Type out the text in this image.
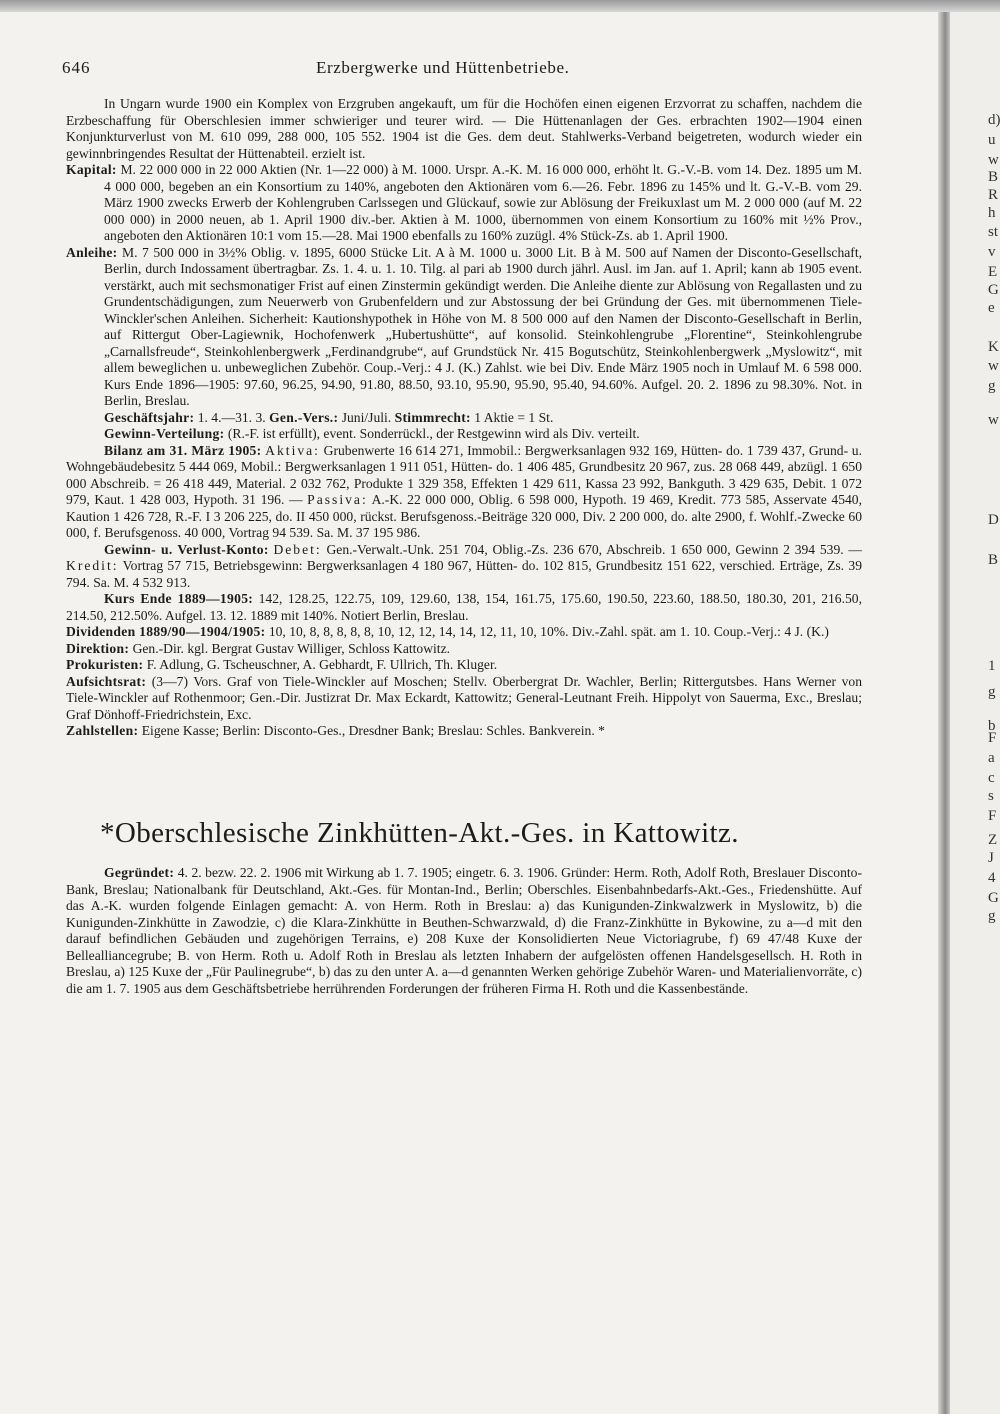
d)
u
w
B
R
h
st
v
E
G
e
K
w
g
w
D
B
1
g
b
F
a
c
s
F
Z
J
4
G
g
646	Erzbergwerke und Hüttenbetriebe.

In Ungarn wurde 1900 ein Komplex von Erzgruben angekauft, um für die Hochöfen einen eigenen Erzvorrat zu schaffen, nachdem die Erzbeschaffung für Oberschlesien immer schwieriger und teurer wird. — Die Hüttenanlagen der Ges. erbrachten 1902—1904 einen Konjunkturverlust von M. 610 099, 288 000, 105 552. 1904 ist die Ges. dem deut. Stahlwerks-Verband beigetreten, wodurch wieder ein gewinnbringendes Resultat der Hüttenabteil. erzielt ist.

Kapital: M. 22 000 000 in 22 000 Aktien (Nr. 1—22 000) à M. 1000. Urspr. A.-K. M. 16 000 000, erhöht lt. G.-V.-B. vom 14. Dez. 1895 um M. 4 000 000, begeben an ein Konsortium zu 140%, angeboten den Aktionären vom 6.—26. Febr. 1896 zu 145% und lt. G.-V.-B. vom 29. März 1900 zwecks Erwerb der Kohlengruben Carlssegen und Glückauf, sowie zur Ablösung der Freikuxlast um M. 2 000 000 (auf M. 22 000 000) in 2000 neuen, ab 1. April 1900 div.-ber. Aktien à M. 1000, übernommen von einem Konsortium zu 160% mit ½% Prov., angeboten den Aktionären 10:1 vom 15.—28. Mai 1900 ebenfalls zu 160% zuzügl. 4% Stück-Zs. ab 1. April 1900.

Anleihe: M. 7 500 000 in 3½% Oblig. v. 1895, 6000 Stücke Lit. A à M. 1000 u. 3000 Lit. B à M. 500 auf Namen der Disconto-Gesellschaft, Berlin, durch Indossament übertragbar. Zs. 1. 4. u. 1. 10. Tilg. al pari ab 1900 durch jährl. Ausl. im Jan. auf 1. April; kann ab 1905 event. verstärkt, auch mit sechsmonatiger Frist auf einen Zinstermin gekündigt werden. Die Anleihe diente zur Ablösung von Regallasten und zu Grundentschädigungen, zum Neuerwerb von Grubenfeldern und zur Abstossung der bei Gründung der Ges. mit übernommenen Tiele-Winckler'schen Anleihen. Sicherheit: Kautionshypothek in Höhe von M. 8 500 000 auf den Namen der Disconto-Gesellschaft in Berlin, auf Rittergut Ober-Lagiewnik, Hochofenwerk „Hubertushütte“, auf konsolid. Steinkohlengrube „Florentine“, Steinkohlengrube „Carnallsfreude“, Steinkohlenbergwerk „Ferdinandgrube“, auf Grundstück Nr. 415 Bogutschütz, Steinkohlenbergwerk „Myslowitz“, mit allem beweglichen u. unbeweglichen Zubehör. Coup.-Verj.: 4 J. (K.) Zahlst. wie bei Div. Ende März 1905 noch in Umlauf M. 6 598 000. Kurs Ende 1896—1905: 97.60, 96.25, 94.90, 91.80, 88.50, 93.10, 95.90, 95.90, 95.40, 94.60%. Aufgel. 20. 2. 1896 zu 98.30%. Not. in Berlin, Breslau.

Geschäftsjahr: 1. 4.—31. 3. Gen.-Vers.: Juni/Juli. Stimmrecht: 1 Aktie = 1 St.

Gewinn-Verteilung: (R.-F. ist erfüllt), event. Sonderrückl., der Restgewinn wird als Div. verteilt.

Bilanz am 31. März 1905: Aktiva: Grubenwerte 16 614 271, Immobil.: Bergwerksanlagen 932 169, Hütten- do. 1 739 437, Grund- u. Wohngebäudebesitz 5 444 069, Mobil.: Bergwerksanlagen 1 911 051, Hütten- do. 1 406 485, Grundbesitz 20 967, zus. 28 068 449, abzügl. 1 650 000 Abschreib. = 26 418 449, Material. 2 032 762, Produkte 1 329 358, Effekten 1 429 611, Kassa 23 992, Bankguth. 3 429 635, Debit. 1 072 979, Kaut. 1 428 003, Hypoth. 31 196. — Passiva: A.-K. 22 000 000, Oblig. 6 598 000, Hypoth. 19 469, Kredit. 773 585, Asservate 4540, Kaution 1 426 728, R.-F. I 3 206 225, do. II 450 000, rückst. Berufsgenoss.-Beiträge 320 000, Div. 2 200 000, do. alte 2900, f. Wohlf.-Zwecke 60 000, f. Berufsgenoss. 40 000, Vortrag 94 539. Sa. M. 37 195 986.

Gewinn- u. Verlust-Konto: Debet: Gen.-Verwalt.-Unk. 251 704, Oblig.-Zs. 236 670, Abschreib. 1 650 000, Gewinn 2 394 539. — Kredit: Vortrag 57 715, Betriebsgewinn: Bergwerksanlagen 4 180 967, Hütten- do. 102 815, Grundbesitz 151 622, verschied. Erträge, Zs. 39 794. Sa. M. 4 532 913.

Kurs Ende 1889—1905: 142, 128.25, 122.75, 109, 129.60, 138, 154, 161.75, 175.60, 190.50, 223.60, 188.50, 180.30, 201, 216.50, 214.50, 212.50%. Aufgel. 13. 12. 1889 mit 140%. Notiert Berlin, Breslau.

Dividenden 1889/90—1904/1905: 10, 10, 8, 8, 8, 8, 8, 10, 12, 12, 14, 14, 12, 11, 10, 10%. Div.-Zahl. spät. am 1. 10. Coup.-Verj.: 4 J. (K.)

Direktion: Gen.-Dir. kgl. Bergrat Gustav Williger, Schloss Kattowitz.

Prokuristen: F. Adlung, G. Tscheuschner, A. Gebhardt, F. Ullrich, Th. Kluger.

Aufsichtsrat: (3—7) Vors. Graf von Tiele-Winckler auf Moschen; Stellv. Oberbergrat Dr. Wachler, Berlin; Rittergutsbes. Hans Werner von Tiele-Winckler auf Rothenmoor; Gen.-Dir. Justizrat Dr. Max Eckardt, Kattowitz; General-Leutnant Freih. Hippolyt von Sauerma, Exc., Breslau; Graf Dönhoff-Friedrichstein, Exc.

Zahlstellen: Eigene Kasse; Berlin: Disconto-Ges., Dresdner Bank; Breslau: Schles. Bankverein. *

*Oberschlesische Zinkhütten-Akt.-Ges. in Kattowitz.

Gegründet: 4. 2. bezw. 22. 2. 1906 mit Wirkung ab 1. 7. 1905; eingetr. 6. 3. 1906. Gründer: Herm. Roth, Adolf Roth, Breslauer Disconto-Bank, Breslau; Nationalbank für Deutschland, Akt.-Ges. für Montan-Ind., Berlin; Oberschles. Eisenbahnbedarfs-Akt.-Ges., Friedenshütte. Auf das A.-K. wurden folgende Einlagen gemacht: A. von Herm. Roth in Breslau: a) das Kunigunden-Zinkwalzwerk in Myslowitz, b) die Kunigunden-Zinkhütte in Zawodzie, c) die Klara-Zinkhütte in Beuthen-Schwarzwald, d) die Franz-Zinkhütte in Bykowine, zu a—d mit den darauf befindlichen Gebäuden und zugehörigen Terrains, e) 208 Kuxe der Konsolidierten Neue Victoriagrube, f) 69 47/48 Kuxe der Bellealliancegrube; B. von Herm. Roth u. Adolf Roth in Breslau als letzten Inhabern der aufgelösten offenen Handelsgesellsch. H. Roth in Breslau, a) 125 Kuxe der „Für Paulinegrube“, b) das zu den unter A. a—d genannten Werken gehörige Zubehör Waren- und Materialienvorräte, c) die am 1. 7. 1905 aus dem Geschäftsbetriebe herrührenden Forderungen der früheren Firma H. Roth und die Kassenbestände.
